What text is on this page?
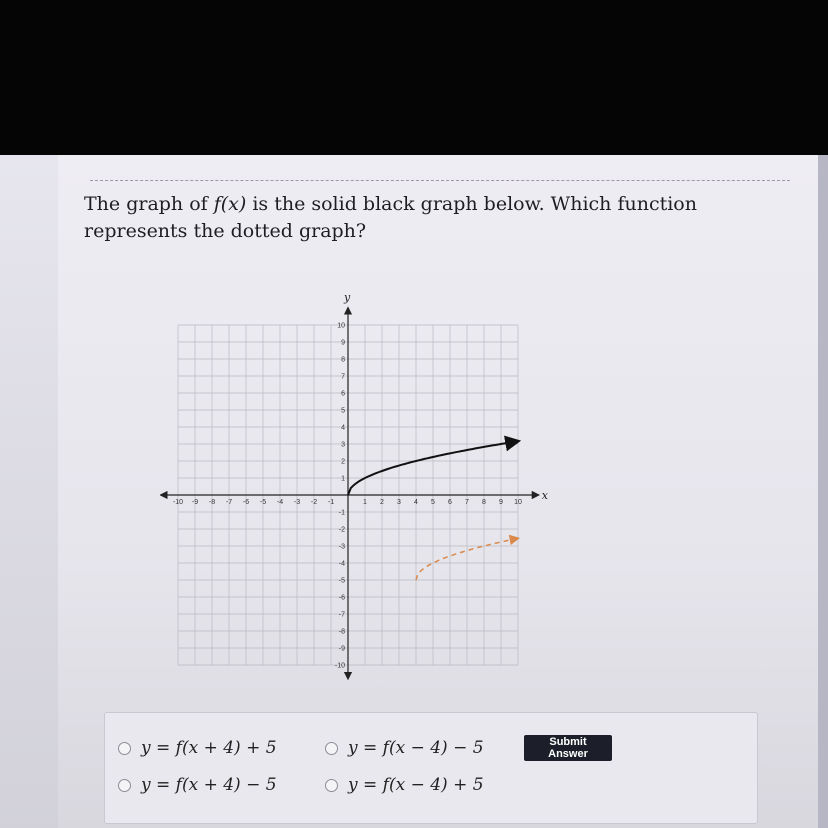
The graph of f(x) is the solid black graph below. Which function represents the dotted graph?
x
y
-10 -9 -8 -7 -6 -5 -4 -3 -2 -1	1 2 3 4 5 6 7 8 9 10
10
9
8
7
6
5
4
3
2
1
-1
-2
-3
-4
-5
-6
-7
-8
-9
-10
y = f(x + 4) + 5	y = f(x − 4) − 5
y = f(x + 4) − 5	y = f(x − 4) + 5
Submit Answer
